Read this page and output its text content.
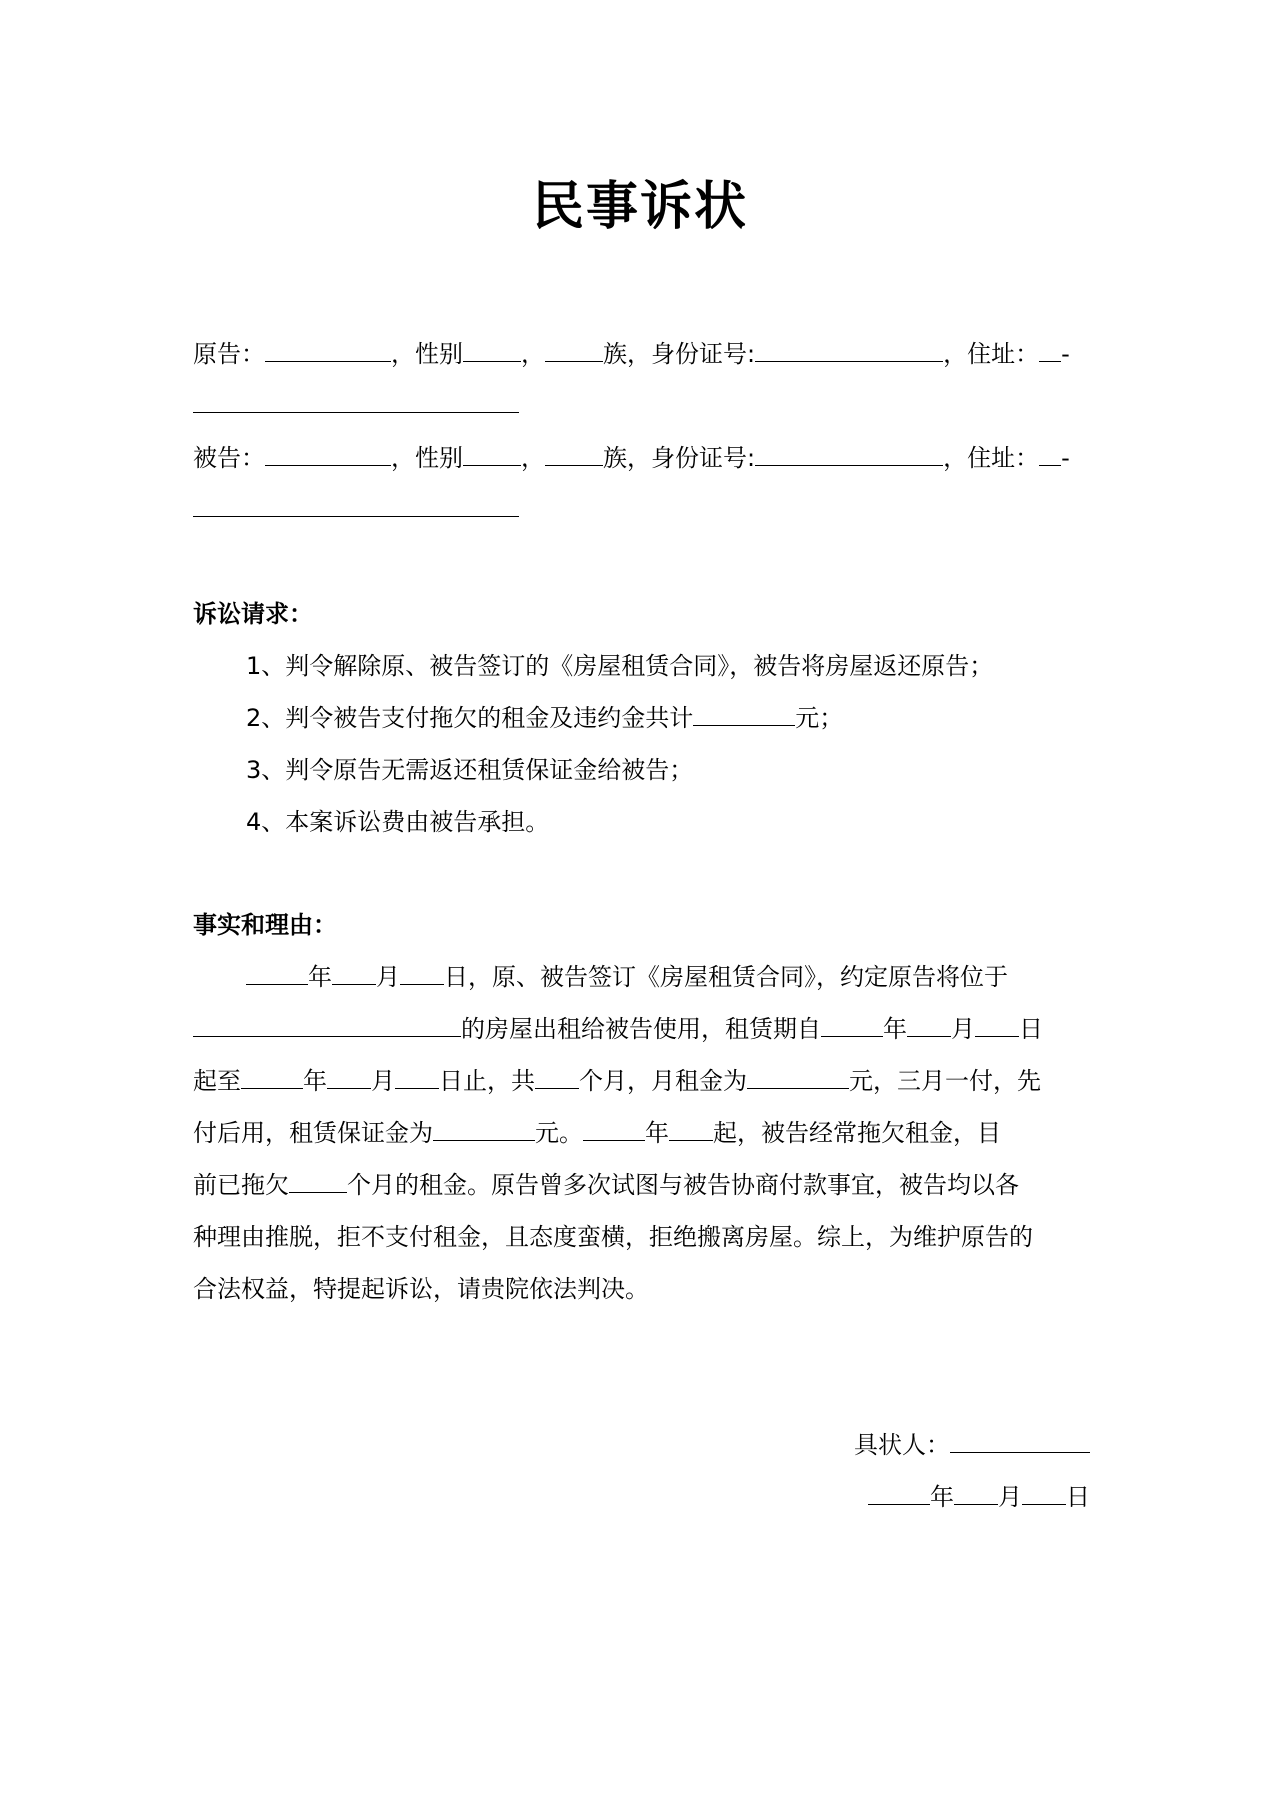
民事诉状
原告：	，性别 ， 族，身份证号:	，住址： -
被告：	，性别 ， 族，身份证号:	，住址： -
诉讼请求：
1、判令解除原、被告签订的《房屋租赁合同》，被告将房屋返还原告；
2、判令被告支付拖欠的租金及违约金共计	元；
3、判令原告无需返还租赁保证金给被告；
4、本案诉讼费由被告承担。
事实和理由：
年 月 日，原、被告签订《房屋租赁合同》，约定原告将位于
的房屋出租给被告使用，租赁期自	年 月 日
起至	年 月 日止，共 个月，月租金为	元，三月一付，先
付后用，租赁保证金为	元。	年 起，被告经常拖欠租金，目
前已拖欠 个月的租金。原告曾多次试图与被告协商付款事宜，被告均以各
种理由推脱，拒不支付租金，且态度蛮横，拒绝搬离房屋。综上，为维护原告的
合法权益，特提起诉讼，请贵院依法判决。
具状人：
年 月 日
